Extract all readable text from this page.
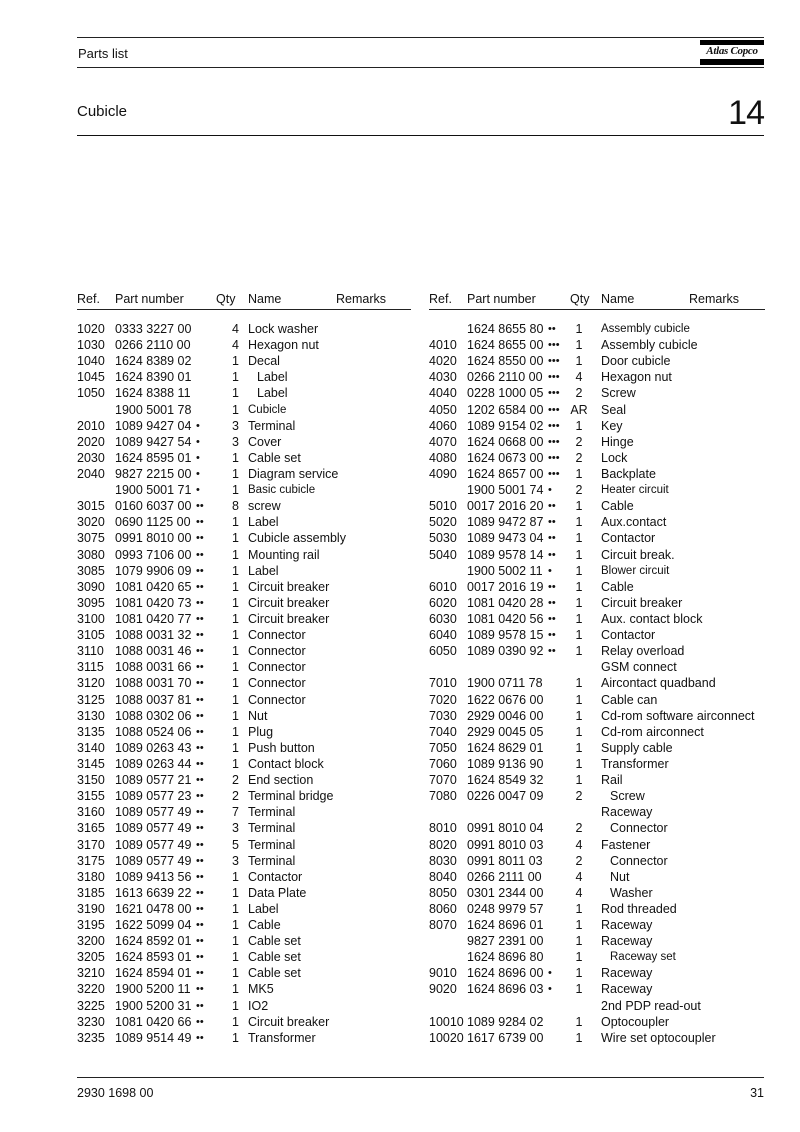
Parts list	Atlas Copco
Cubicle	14
Ref. Part number	Qty Name	Remarks
1020 0333 3227 00	4 Lock washer
1030 0266 2110 00	4 Hexagon nut
1040 1624 8389 02	1 Decal
1045 1624 8390 01	1	Label
1050 1624 8388 11	1	Label
1900 5001 78	1 Cubicle
2010 1089 9427 04 •	3 Terminal
2020 1089 9427 54 •	3 Cover
2030 1624 8595 01 •	1 Cable set
2040 9827 2215 00 •	1 Diagram service
1900 5001 71 •	1 Basic cubicle
3015 0160 6037 00 ••	8 screw
3020 0690 1125 00 ••	1 Label
3075 0991 8010 00 ••	1 Cubicle assembly
3080 0993 7106 00 ••	1 Mounting rail
3085 1079 9906 09 ••	1 Label
3090 1081 0420 65 ••	1 Circuit breaker
3095 1081 0420 73 ••	1 Circuit breaker
3100 1081 0420 77 ••	1 Circuit breaker
3105 1088 0031 32 ••	1 Connector
3110 1088 0031 46 ••	1 Connector
3115 1088 0031 66 ••	1 Connector
3120 1088 0031 70 ••	1 Connector
3125 1088 0037 81 ••	1 Connector
3130 1088 0302 06 ••	1 Nut
3135 1088 0524 06 ••	1 Plug
3140 1089 0263 43 ••	1 Push button
3145 1089 0263 44 ••	1 Contact block
3150 1089 0577 21 ••	2 End section
3155 1089 0577 23 ••	2 Terminal bridge
3160 1089 0577 49 ••	7 Terminal
3165 1089 0577 49 ••	3 Terminal
3170 1089 0577 49 ••	5 Terminal
3175 1089 0577 49 ••	3 Terminal
3180 1089 9413 56 ••	1 Contactor
3185 1613 6639 22 ••	1 Data Plate
3190 1621 0478 00 ••	1 Label
3195 1622 5099 04 ••	1 Cable
3200 1624 8592 01 ••	1 Cable set
3205 1624 8593 01 ••	1 Cable set
3210 1624 8594 01 ••	1 Cable set
3220 1900 5200 11 ••	1 MK5
3225 1900 5200 31 ••	1 IO2
3230 1081 0420 66 ••	1 Circuit breaker
3235 1089 9514 49 ••	1 Transformer
Ref. Part number	Qty Name	Remarks
1624 8655 80 ••	1	Assembly cubicle
4010 1624 8655 00 •••	1	Assembly cubicle
4020 1624 8550 00 •••	1	Door cubicle
4030 0266 2110 00 •••	4	Hexagon nut
4040 0228 1000 05 •••	2	Screw
4050 1202 6584 00 ••• AR Seal
4060 1089 9154 02 •••	1	Key
4070 1624 0668 00 •••	2	Hinge
4080 1624 0673 00 •••	2	Lock
4090 1624 8657 00 •••	1	Backplate
1900 5001 74 •	2	Heater circuit
5010 0017 2016 20 ••	1	Cable
5020 1089 9472 87 ••	1	Aux.contact
5030 1089 9473 04 ••	1	Contactor
5040 1089 9578 14 ••	1	Circuit break.
1900 5002 11 •	1	Blower circuit
6010 0017 2016 19 ••	1	Cable
6020 1081 0420 28 ••	1	Circuit breaker
6030 1081 0420 56 ••	1	Aux. contact block
6040 1089 9578 15 ••	1	Contactor
6050 1089 0390 92 ••	1	Relay overload
GSM connect
7010 1900 0711 78	1	Aircontact quadband
7020 1622 0676 00	1	Cable can
7030 2929 0046 00	1	Cd-rom software airconnect
7040 2929 0045 05	1	Cd-rom airconnect
7050 1624 8629 01	1	Supply cable
7060 1089 9136 90	1	Transformer
7070 1624 8549 32	1	Rail
7080 0226 0047 09	2	Screw
Raceway
8010 0991 8010 04	2	Connector
8020 0991 8010 03	4	Fastener
8030 0991 8011 03	2	Connector
8040 0266 2111 00	4	Nut
8050 0301 2344 00	4	Washer
8060 0248 9979 57	1	Rod threaded
8070 1624 8696 01	1	Raceway
9827 2391 00	1	Raceway
1624 8696 80	1	Raceway set
9010 1624 8696 00 •	1	Raceway
9020 1624 8696 03 •	1	Raceway
2nd PDP read-out
10010 1089 9284 02	1	Optocoupler
10020 1617 6739 00	1	Wire set optocoupler
2930 1698 00	31
